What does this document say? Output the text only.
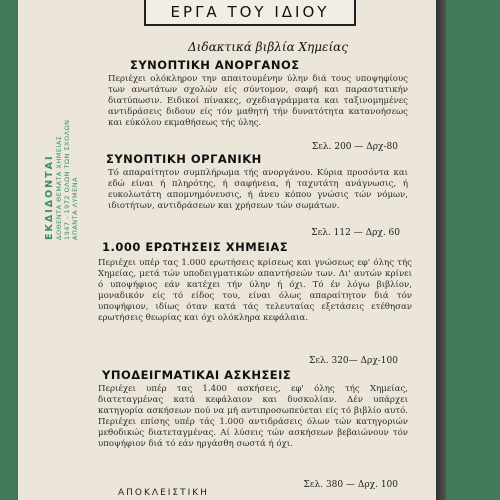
ΕΡΓΑ ΤΟΥ ΙΔΙΟΥ
Διδακτικά βιβλία Χημείας
ΕΚΔΙΔΟΝΤΑΙ ΔΟΘΕΝΤΑ ΘΕΜΑΤΑ ΧΗΜΕΙΑΣ 1947 - 1972 ΟΛΩΝ ΤΩΝ ΣΧΟΛΩΝ ΑΠΑΝΤΑ ΛΥΜΕΝΑ
ΣΥΝΟΠΤΙΚΗ ΑΝΟΡΓΑΝΟΣ
Περιέχει ολόκληρον την απαιτουμένην ύλην διά τους υποψηφίους των ανωτάτων σχολών είς σύντομον, σαφή και παραστατικήν διατύπωσιν. Ειδικοί πίνακες, σχεδιαγράμματα και ταξινομημένες αντιδράσεις διδουν είς τόν μαθητή τήν δυνατότητα κατανοήσεως και εύκόλου εκμαθήσεως τής ύλης.
Σελ. 200 — Δρχ-80
ΣΥΝΟΠΤΙΚΗ ΟΡΓΑΝΙΚΗ
Τό απαραίτητον συμπλήρωμα τής ανοργάνου. Κύρια προσόντα και εδώ είναι ή πληρότης, ή σαφήνεια, ή ταχυτάτη ανάγνωσις, ή ευκολωτάτη απομνημόνευσις, ή άνευ κόπου γνώσις τών νόμων, ιδιοτήτων, αντιδράσεων και χρήσεων τών σωμάτων.
Σελ. 112 — Δρχ. 60
1.000 ΕΡΩΤΗΣΕΙΣ ΧΗΜΕΙΑΣ
Περιέχει υπέρ τας 1.000 ερωτήσεις κρίσεως και γνώσεως εφ' όλης τής Χημείας, μετά τών υποδειγματικών απαντήσεών των. Δι' αυτών κρίνει ό υποψήφιος εάν κατέχει τήν ύλην ή όχι. Τό έν λόγω βιβλίον, μοναδικόν είς τό είδος του, είναι όλως απαραίτητον διά τόν υποψήφιον, ιδίως όταν κατά τάς τελευταίας εξετάσεις ετέθησαν ερωτήσεις θεωρίας και όχι ολόκληρα κεφάλαια.
Σελ. 320— Δρχ-100
ΥΠΟΔΕΙΓΜΑΤΙΚΑΙ ΑΣΚΗΣΕΙΣ
Περιέχει υπέρ τας 1.400 ασκήσεις, εφ' όλης τής Χημείας, διατεταγμένας κατά κεφάλαιον και δυσκολίαν. Δέν υπάρχει κατηγορία ασκήσεων πού να μή αντιπροσωπεύεται είς τό βιβλίο αυτό. Περιέχει επίσης υπέρ τάς 1.000 αντιδράσεις όλων τών κατηγοριών μεθοδικώς διατεταγμένας. Αί λύσεις τών ασκήσεων βεβαιώνουν τόν υποψήφιον διά τό εάν ηργάσθη σωστά ή όχι.
Σελ. 380 — Δρχ. 100
ΑΠΟΚΛΕΙΣΤΙΚΗ
